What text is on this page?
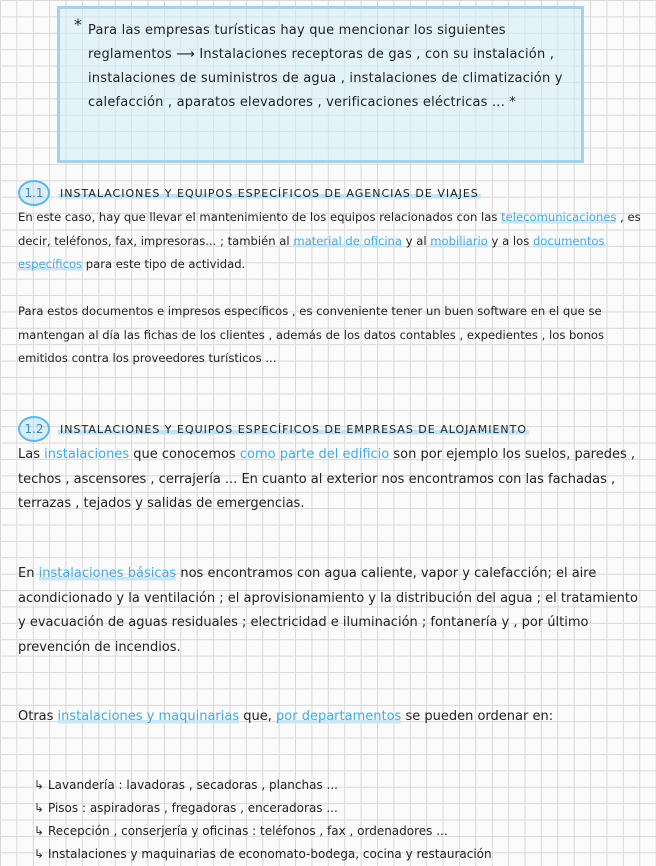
* Para las empresas turísticas hay que mencionar los siguientes reglamentos ⟶ Instalaciones receptoras de gas , con su instalación , instalaciones de suministros de agua , instalaciones de climatización y calefacción , aparatos elevadores , verificaciones eléctricas ... *

1.1	INSTALACIONES Y EQUIPOS ESPECÍFICOS DE AGENCIAS DE VIAJES

En este caso, hay que llevar el mantenimiento de los equipos relacionados con las telecomunicaciones , es decir, teléfonos, fax, impresoras... ; también al material de oficina y al mobiliario y a los documentos específicos para este tipo de actividad.

Para estos documentos e impresos específicos , es conveniente tener un buen software en el que se mantengan al día las fichas de los clientes , además de los datos contables , expedientes , los bonos emitidos contra los proveedores turísticos ...

1.2	INSTALACIONES Y EQUIPOS ESPECÍFICOS DE EMPRESAS DE ALOJAMIENTO

Las instalaciones que conocemos como parte del edificio son por ejemplo los suelos, paredes , techos , ascensores , cerrajería ... En cuanto al exterior nos encontramos con las fachadas , terrazas , tejados y salidas de emergencias.

En instalaciones básicas nos encontramos con agua caliente, vapor y calefacción; el aire acondicionado y la ventilación ; el aprovisionamiento y la distribución del agua ; el tratamiento y evacuación de aguas residuales ; electricidad e iluminación ; fontanería y , por último prevención de incendios.

Otras instalaciones y maquinarias que, por departamentos se pueden ordenar en:

↳ Lavandería : lavadoras , secadoras , planchas ...
↳ Pisos : aspiradoras , fregadoras , enceradoras ...
↳ Recepción , conserjería y oficinas : teléfonos , fax , ordenadores ...
↳ Instalaciones y maquinarias de economato-bodega, cocina y restauración
